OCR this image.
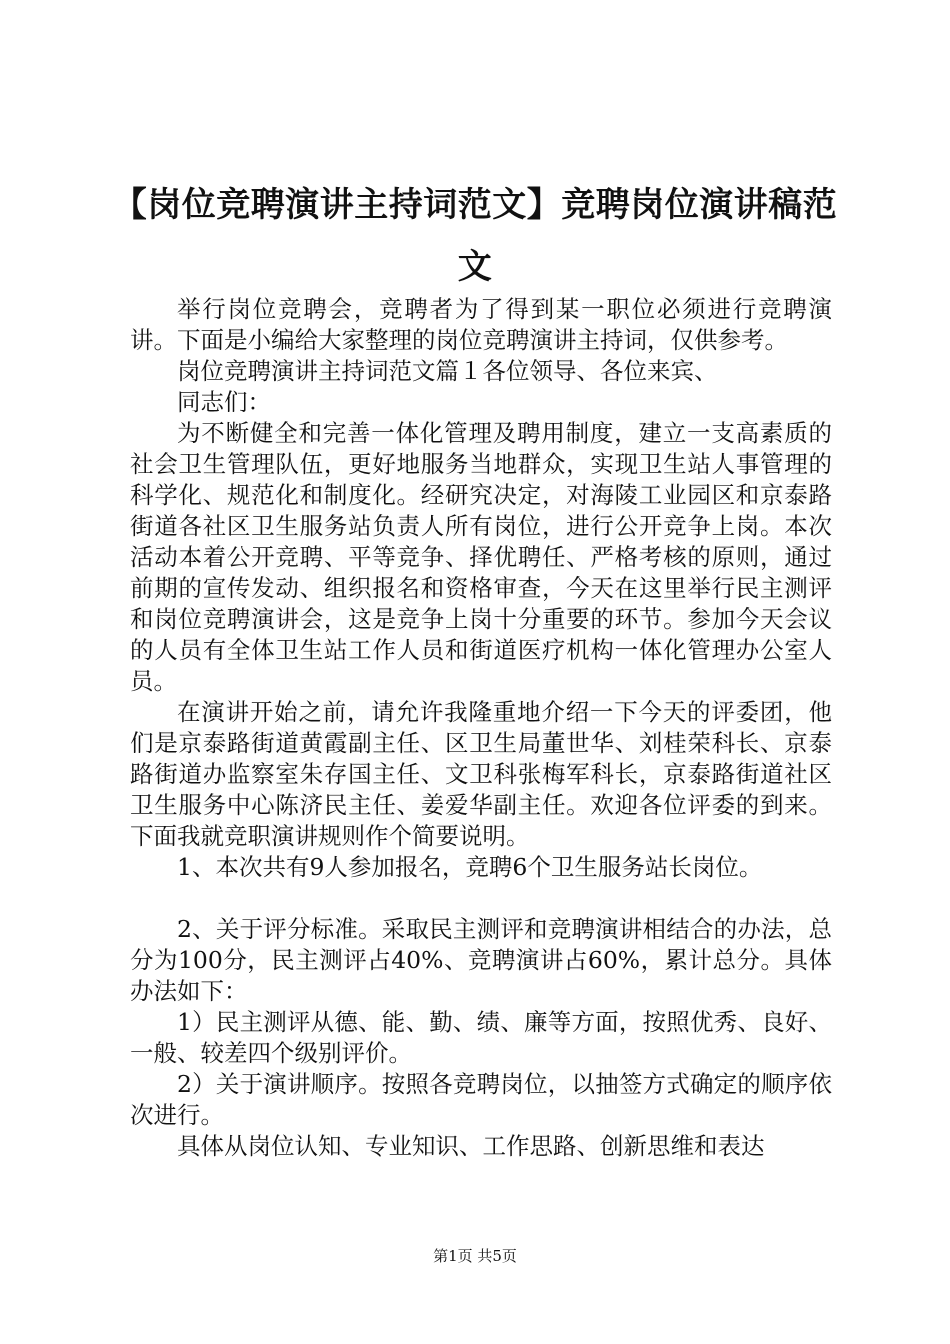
【岗位竞聘演讲主持词范文】竞聘岗位演讲稿范文

举行岗位竞聘会，竞聘者为了得到某一职位必须进行竞聘演讲。下面是小编给大家整理的岗位竞聘演讲主持词，仅供参考。

岗位竞聘演讲主持词范文篇１各位领导、各位来宾、

同志们：

为不断健全和完善一体化管理及聘用制度，建立一支高素质的社会卫生管理队伍，更好地服务当地群众，实现卫生站人事管理的科学化、规范化和制度化。经研究决定，对海陵工业园区和京泰路街道各社区卫生服务站负责人所有岗位，进行公开竞争上岗。本次活动本着公开竞聘、平等竞争、择优聘任、严格考核的原则，通过前期的宣传发动、组织报名和资格审查，今天在这里举行民主测评和岗位竞聘演讲会，这是竞争上岗十分重要的环节。参加今天会议的人员有全体卫生站工作人员和街道医疗机构一体化管理办公室人员。

在演讲开始之前，请允许我隆重地介绍一下今天的评委团，他们是京泰路街道黄霞副主任、区卫生局董世华、刘桂荣科长、京泰路街道办监察室朱存国主任、文卫科张梅军科长，京泰路街道社区卫生服务中心陈济民主任、姜爱华副主任。欢迎各位评委的到来。下面我就竞职演讲规则作个简要说明。

1、本次共有9人参加报名，竞聘6个卫生服务站长岗位。

2、关于评分标准。采取民主测评和竞聘演讲相结合的办法，总分为100分，民主测评占40%、竞聘演讲占60%，累计总分。具体办法如下：

1）民主测评从德、能、勤、绩、廉等方面，按照优秀、良好、一般、较差四个级别评价。

2）关于演讲顺序。按照各竞聘岗位，以抽签方式确定的顺序依次进行。

具体从岗位认知、专业知识、工作思路、创新思维和表达

第1页 共5页
